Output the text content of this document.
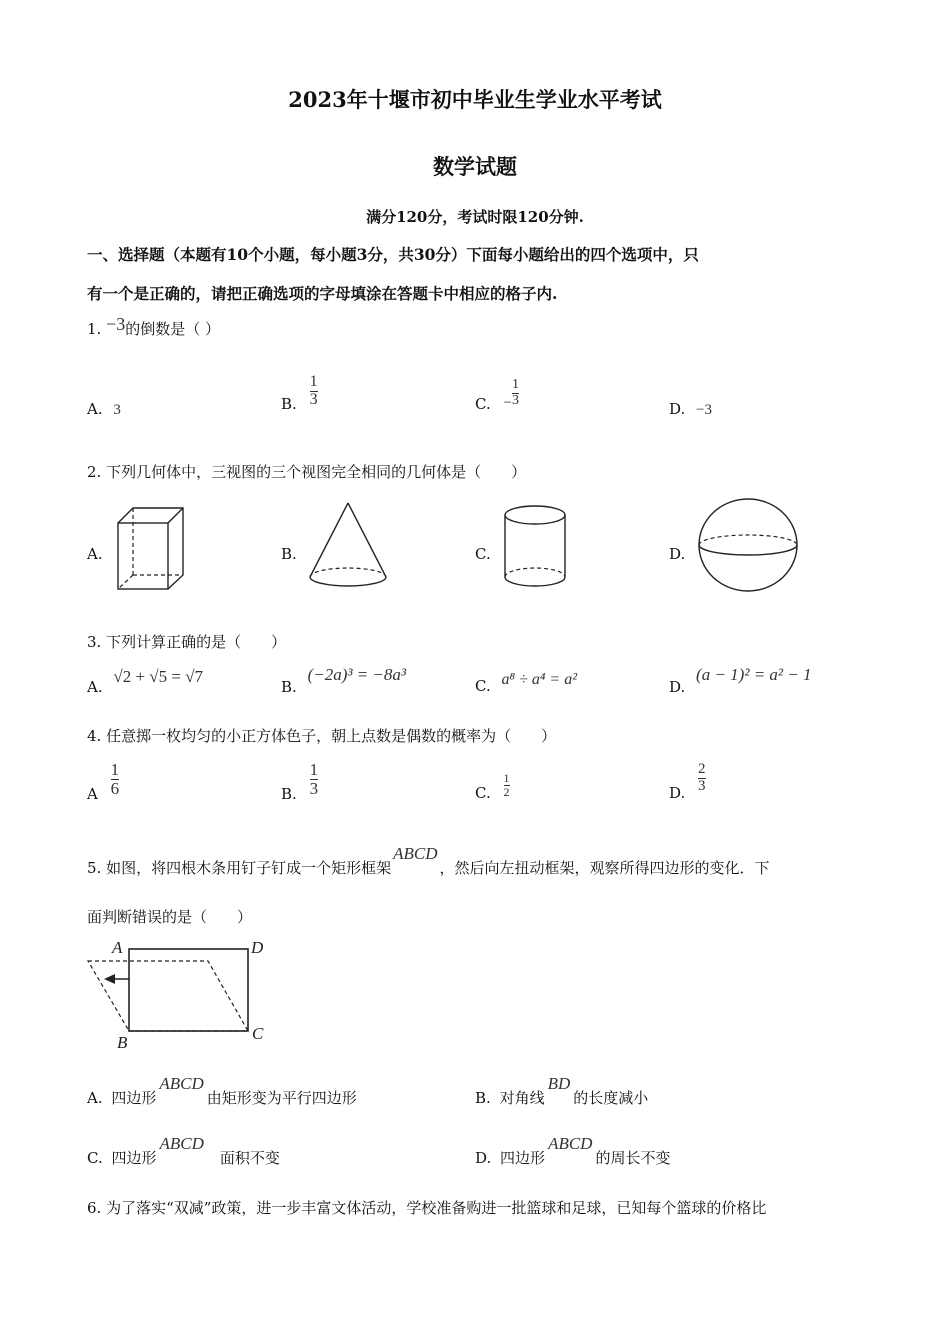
2023年十堰市初中毕业生学业水平考试
数学试题
满分120分，考试时限120分钟.
一、选择题（本题有10个小题，每小题3分，共30分）下面每小题给出的四个选项中，只
有一个是正确的，请把正确选项的字母填涂在答题卡中相应的格子内.
1. −3的倒数是（ ）
A. 3	B. $\frac{1}{3}$	C. − $\frac{1}{3}$
D. −3
2. 下列几何体中，三视图的三个视图完全相同的几何体是（　　）
A.	B.	C.	D.
3. 下列计算正确的是（　　）
A. √2 + √5 = √7
B. (−2a)³ = −8a³
C. a⁸ ÷ a⁴ = a²	D. (a − 1)² = a² − 1
4. 任意掷一枚均匀的小正方体色子，朝上点数是偶数的概率为（　　）
A $\frac{1}{6}$	B. $\frac{1}{3}$	C. $\frac{1}{2}$	D. $\frac{2}{3}$
5. 如图，将四根木条用钉子钉成一个矩形框架ABCD，然后向左扭动框架，观察所得四边形的变化．下
面判断错误的是（　　）
A	D
B	C
A. 四边形ABCD由矩形变为平行四边形	B. 对角线BD的长度减小
C. 四边形ABCD面积不变	D. 四边形ABCD的周长不变
6. 为了落实“双减”政策，进一步丰富文体活动，学校准备购进一批篮球和足球，已知每个篮球的价格比
